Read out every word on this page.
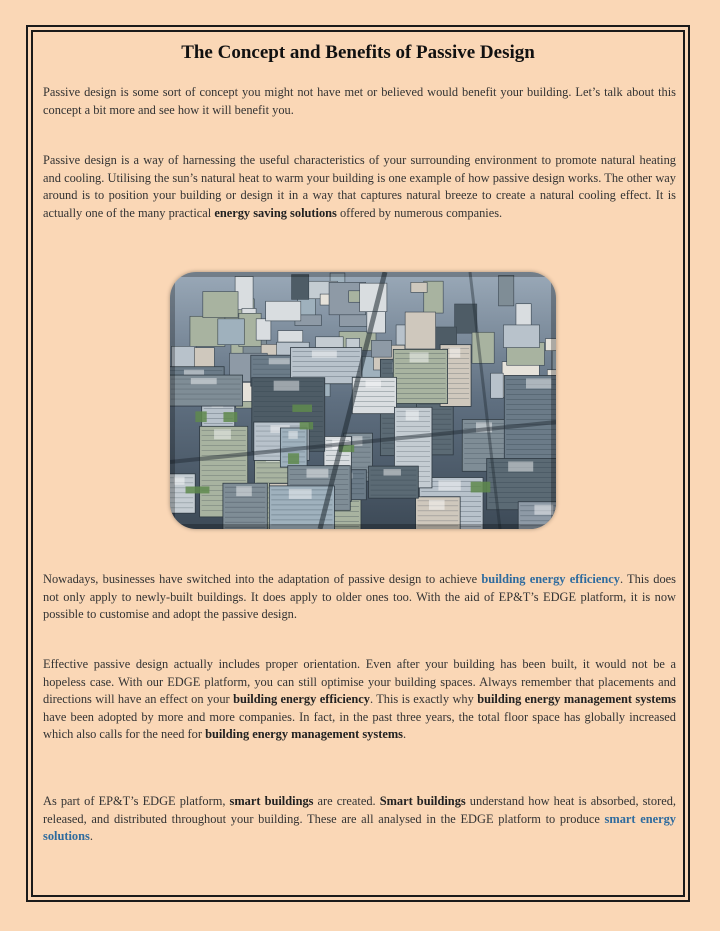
The Concept and Benefits of Passive Design

Passive design is some sort of concept you might not have met or believed would benefit your building. Let’s talk about this concept a bit more and see how it will benefit you.

Passive design is a way of harnessing the useful characteristics of your surrounding environment to promote natural heating and cooling. Utilising the sun’s natural heat to warm your building is one example of how passive design works. The other way around is to position your building or design it in a way that captures natural breeze to create a natural cooling effect. It is actually one of the many practical energy saving solutions offered by numerous companies.

Nowadays, businesses have switched into the adaptation of passive design to achieve building energy efficiency. This does not only apply to newly-built buildings. It does apply to older ones too. With the aid of EP&T’s EDGE platform, it is now possible to customise and adopt the passive design.

Effective passive design actually includes proper orientation. Even after your building has been built, it would not be a hopeless case. With our EDGE platform, you can still optimise your building spaces. Always remember that placements and directions will have an effect on your building energy efficiency. This is exactly why building energy management systems have been adopted by more and more companies. In fact, in the past three years, the total floor space has globally increased which also calls for the need for building energy management systems.

As part of EP&T’s EDGE platform, smart buildings are created. Smart buildings understand how heat is absorbed, stored, released, and distributed throughout your building. These are all analysed in the EDGE platform to produce smart energy solutions.
